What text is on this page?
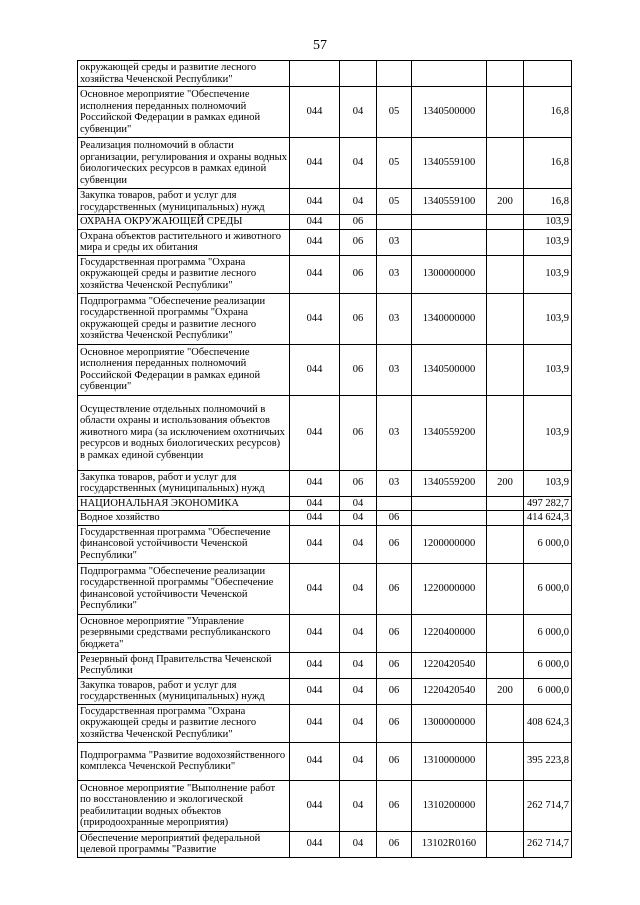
57
окружающей среды и развитие лесного хозяйства Чеченской Республики"						
Основное мероприятие "Обеспечение исполнения переданных полномочий Российской Федерации в рамках единой субвенции"	044	04	05	1340500000		16,8
Реализация полномочий в области организации, регулирования и охраны водных биологических ресурсов в рамках единой субвенции	044	04	05	1340559100		16,8
Закупка товаров, работ и услуг для государственных (муниципальных) нужд	044	04	05	1340559100	200	16,8
ОХРАНА ОКРУЖАЮЩЕЙ СРЕДЫ	044	06				103,9
Охрана объектов растительного и животного мира и среды их обитания	044	06	03			103,9
Государственная программа "Охрана окружающей среды и развитие лесного хозяйства Чеченской Республики"	044	06	03	1300000000		103,9
Подпрограмма "Обеспечение реализации государственной программы "Охрана окружающей среды и развитие лесного хозяйства Чеченской Республики"	044	06	03	1340000000		103,9
Основное мероприятие "Обеспечение исполнения переданных полномочий Российской Федерации в рамках единой субвенции"	044	06	03	1340500000		103,9
Осуществление отдельных полномочий в области охраны и использования объектов животного мира (за исключением охотничьих ресурсов и водных биологических ресурсов) в рамках единой субвенции	044	06	03	1340559200		103,9
Закупка товаров, работ и услуг для государственных (муниципальных) нужд	044	06	03	1340559200	200	103,9
НАЦИОНАЛЬНАЯ ЭКОНОМИКА	044	04				497 282,7
Водное хозяйство	044	04	06			414 624,3
Государственная программа "Обеспечение финансовой устойчивости Чеченской Республики"	044	04	06	1200000000		6 000,0
Подпрограмма "Обеспечение реализации государственной программы "Обеспечение финансовой устойчивости Чеченской Республики"	044	04	06	1220000000		6 000,0
Основное мероприятие "Управление резервными средствами республиканского бюджета"	044	04	06	1220400000		6 000,0
Резервный фонд Правительства Чеченской Республики	044	04	06	1220420540		6 000,0
Закупка товаров, работ и услуг для государственных (муниципальных) нужд	044	04	06	1220420540	200	6 000,0
Государственная программа "Охрана окружающей среды и развитие лесного хозяйства Чеченской Республики"	044	04	06	1300000000		408 624,3
Подпрограмма "Развитие водохозяйственного комплекса Чеченской Республики"	044	04	06	1310000000		395 223,8
Основное мероприятие "Выполнение работ по восстановлению и экологической реабилитации водных объектов (природоохранные мероприятия)	044	04	06	1310200000		262 714,7
Обеспечение мероприятий федеральной целевой программы "Развитие	044	04	06	13102R0160		262 714,7
